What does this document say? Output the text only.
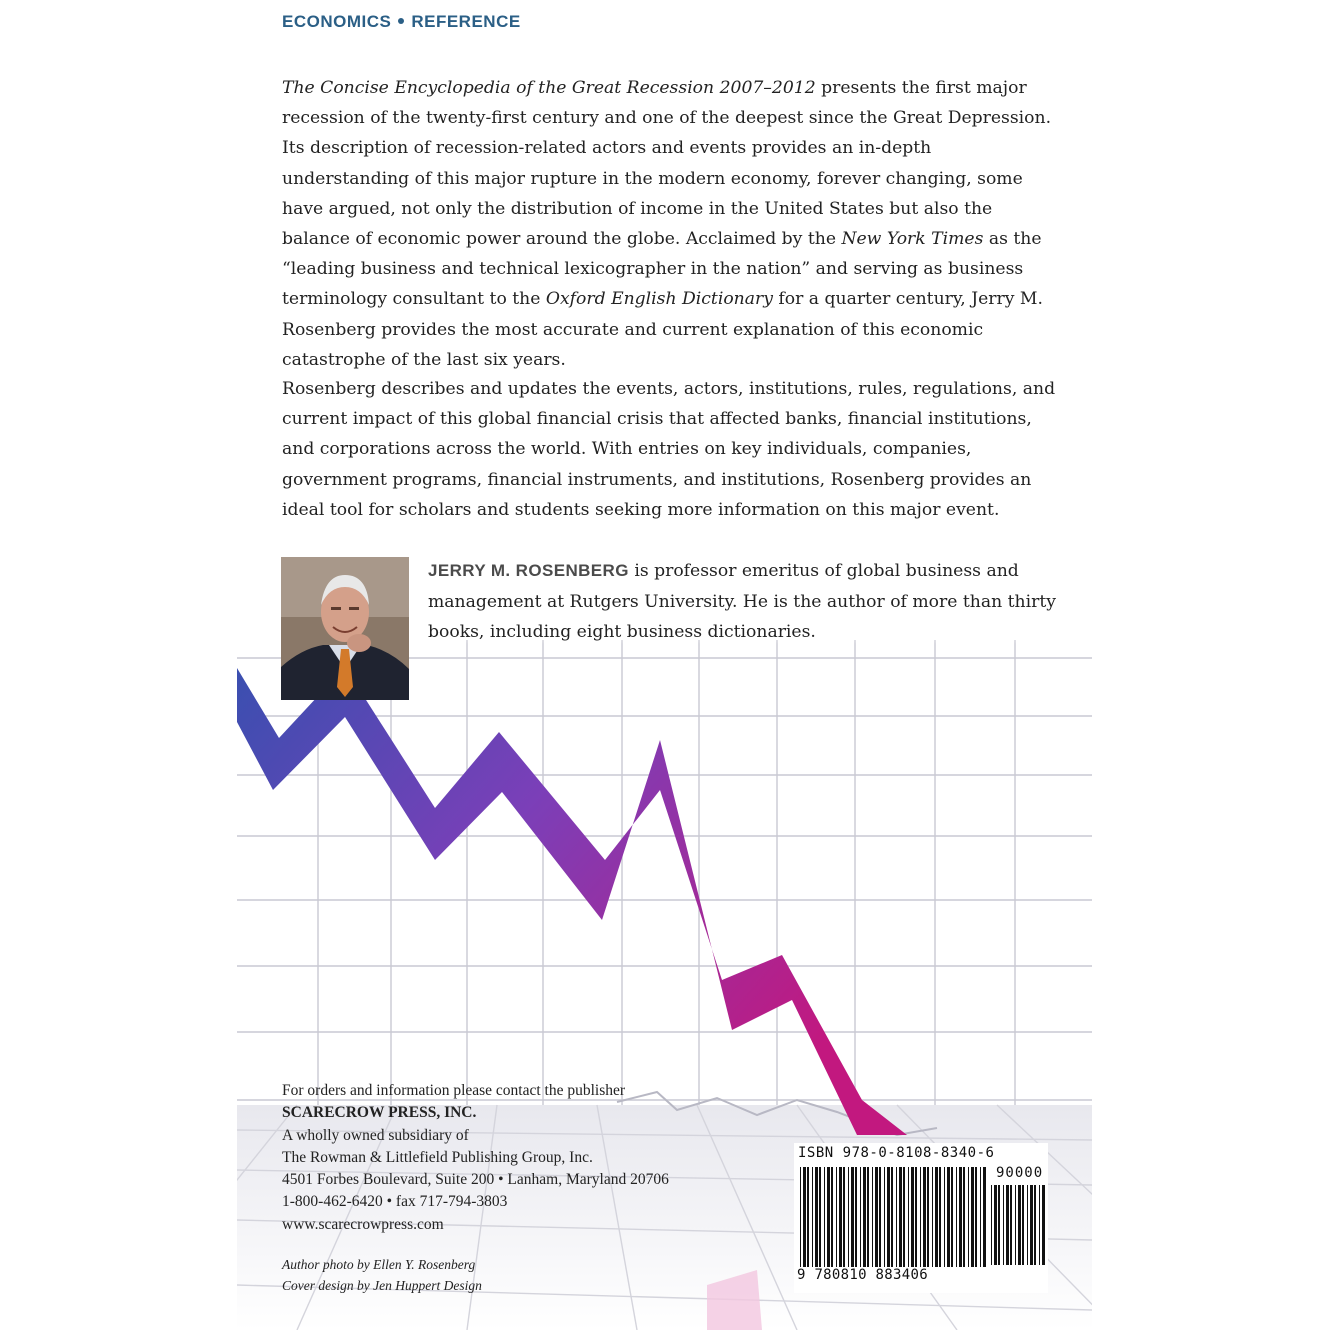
ECONOMICS REFERENCE

The Concise Encyclopedia of the Great Recession 2007–2012 presents the first major recession of the twenty-first century and one of the deepest since the Great Depression. Its description of recession-related actors and events provides an in-depth understanding of this major rupture in the modern economy, forever changing, some have argued, not only the distribution of income in the United States but also the balance of economic power around the globe. Acclaimed by the New York Times as the “leading business and technical lexicographer in the nation” and serving as business terminology consultant to the Oxford English Dictionary for a quarter century, Jerry M. Rosenberg provides the most accurate and current explanation of this economic catastrophe of the last six years.

Rosenberg describes and updates the events, actors, institutions, rules, regulations, and current impact of this global financial crisis that affected banks, financial institutions, and corporations across the world. With entries on key individuals, companies, government programs, financial instruments, and institutions, Rosenberg provides an ideal tool for scholars and students seeking more information on this major event.

JERRY M. ROSENBERG is professor emeritus of global business and management at Rutgers University. He is the author of more than thirty books, including eight business dictionaries.

For orders and information please contact the publisher
SCARECROW PRESS, INC.
A wholly owned subsidiary of
The Rowman & Littlefield Publishing Group, Inc.
4501 Forbes Boulevard, Suite 200 • Lanham, Maryland 20706
1-800-462-6420 • fax 717-794-3803
www.scarecrowpress.com
Author photo by Ellen Y. Rosenberg
Cover design by Jen Huppert Design
ISBN 978-0-8108-8340-6
90000
9 780810 883406
